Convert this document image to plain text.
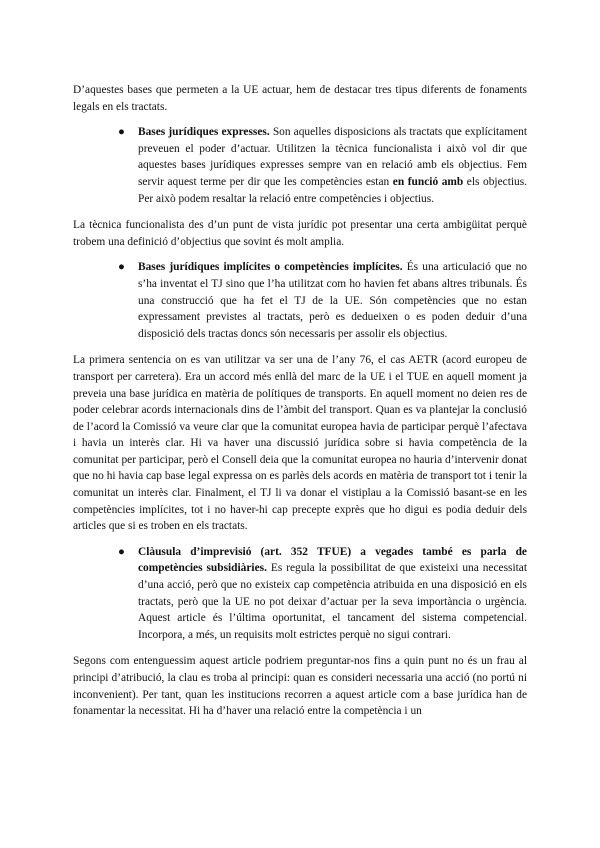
D’aquestes bases que permeten a la UE actuar, hem de destacar tres tipus diferents de fonaments legals en els tractats.

● Bases jurídiques expresses. Son aquelles disposicions als tractats que explícitament preveuen el poder d’actuar. Utilitzen la tècnica funcionalista i això vol dir que aquestes bases jurídiques expresses sempre van en relació amb els objectius. Fem servir aquest terme per dir que les competències estan en funció amb els objectius. Per això podem resaltar la relació entre competències i objectius.

La tècnica funcionalista des d’un punt de vista jurídic pot presentar una certa ambigüitat perquè trobem una definició d’objectius que sovint és molt amplia.

● Bases jurídiques implícites o competències implícites. És una articulació que no s’ha inventat el TJ sino que l’ha utilitzat com ho havien fet abans altres tribunals. És una construcció que ha fet el TJ de la UE. Són competències que no estan expressament previstes al tractats, però es dedueixen o es poden deduir d’una disposició dels tractas doncs són necessaris per assolir els objectius.

La primera sentencia on es van utilitzar va ser una de l’any 76, el cas AETR (acord europeu de transport per carretera). Era un accord més enllà del marc de la UE i el TUE en aquell moment ja preveia una base jurídica en matèria de polítiques de transports. En aquell moment no deien res de poder celebrar acords internacionals dins de l’àmbit del transport. Quan es va plantejar la conclusió de l’acord la Comissió va veure clar que la comunitat europea havia de participar perquè l’afectava i havia un interès clar. Hi va haver una discussió jurídica sobre si havia competència de la comunitat per participar, però el Consell deia que la comunitat europea no hauria d’intervenir donat que no hi havia cap base legal expressa on es parlès dels acords en matèria de transport tot i tenir la comunitat un interès clar. Finalment, el TJ li va donar el vistiplau a la Comissió basant-se en les competències implícites, tot i no haver-hi cap precepte exprès que ho digui es podia deduir dels articles que si es troben en els tractats.

● Clàusula d’imprevisió (art. 352 TFUE) a vegades també es parla de competències subsidiàries. Es regula la possibilitat de que existeixi una necessitat d’una acció, però que no existeix cap competència atribuida en una disposició en els tractats, però que la UE no pot deixar d’actuar per la seva importància o urgència. Aquest article és l’última oportunitat, el tancament del sistema competencial. Incorpora, a més, un requisits molt estrictes perquè no sigui contrari.

Segons com entenguessim aquest article podriem preguntar-nos fins a quin punt no és un frau al principi d’atribució, la clau es troba al principi: quan es consideri necessaria una acció (no portú ni inconvenient). Per tant, quan les institucions recorren a aquest article com a base jurídica han de fonamentar la necessitat. Hi ha d’haver una relació entre la competència i un
